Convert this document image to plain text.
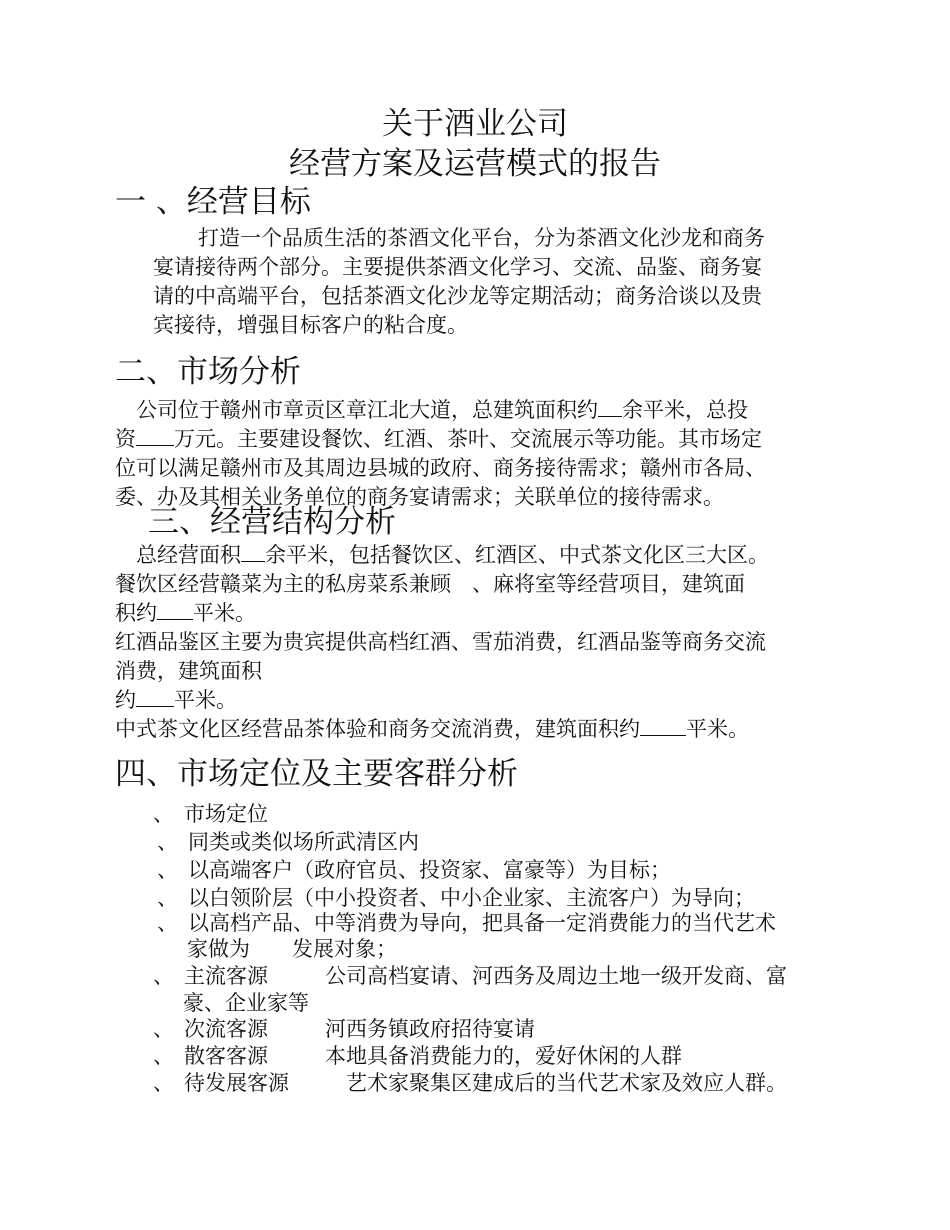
关于酒业公司
经营方案及运营模式的报告
一 、经营目标
打造一个品质生活的茶酒文化平台，分为茶酒文化沙龙和商务
宴请接待两个部分。主要提供茶酒文化学习、交流、品鉴、商务宴
请的中高端平台，包括茶酒文化沙龙等定期活动；商务洽谈以及贵
宾接待，增强目标客户的粘合度。
二、市场分析
公司位于赣州市章贡区章江北大道，总建筑面积约 余平米，总投
资 万元。主要建设餐饮、红酒、茶叶、交流展示等功能。其市场定
位可以满足赣州市及其周边县城的政府、商务接待需求；赣州市各局、
委、办及其相关业务单位的商务宴请需求；关联单位的接待需求。
三、经营结构分析
总经营面积 余平米，包括餐饮区、红酒区、中式茶文化区三大区。
餐饮区经营赣菜为主的私房菜系兼顾　、麻将室等经营项目，建筑面
积约 平米。
红酒品鉴区主要为贵宾提供高档红酒、雪茄消费，红酒品鉴等商务交流
消费，建筑面积
约 平米。
中式茶文化区经营品茶体验和商务交流消费，建筑面积约 平米。
四、市场定位及主要客群分析
、 市场定位
、 同类或类似场所武清区内
、 以高端客户（政府官员、投资家、富豪等）为目标；
、 以白领阶层（中小投资者、中小企业家、主流客户）为导向；
、 以高档产品、中等消费为导向，把具备一定消费能力的当代艺术
家做为　　发展对象；
、 主流客源	公司高档宴请、河西务及周边土地一级开发商、富
豪、企业家等
、 次流客源	河西务镇政府招待宴请
、 散客客源	本地具备消费能力的，爱好休闲的人群
、 待发展客源	艺术家聚集区建成后的当代艺术家及效应人群。
